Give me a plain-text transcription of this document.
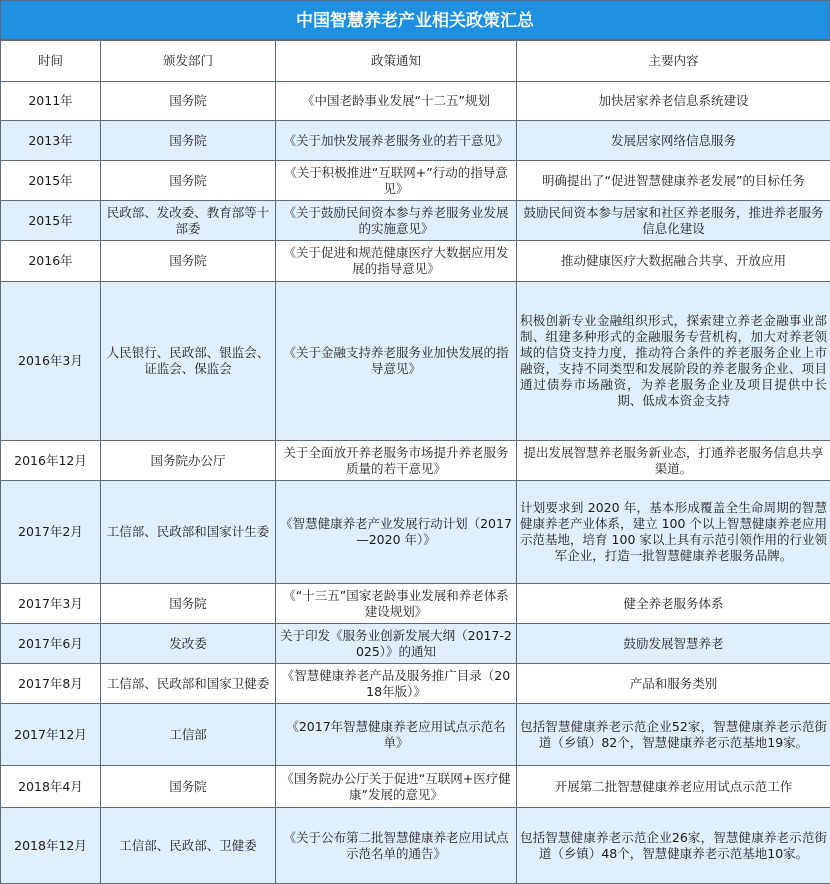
中国智慧养老产业相关政策汇总
时间	颁发部门	政策通知	主要内容
2011年	国务院	《中国老龄事业发展“十二五”规划	加快居家养老信息系统建设
2013年	国务院	《关于加快发展养老服务业的若干意见》	发展居家网络信息服务
2015年	国务院	《关于积极推进“互联网+”行动的指导意见》	明确提出了“促进智慧健康养老发展”的目标任务
2015年	民政部、发改委、教育部等十部委	《关于鼓励民间资本参与养老服务业发展的实施意见》	鼓励民间资本参与居家和社区养老服务，推进养老服务信息化建设
2016年	国务院	《关于促进和规范健康医疗大数据应用发展的指导意见》	推动健康医疗大数据融合共享、开放应用
2016年3月	人民银行、民政部、银监会、证监会、保监会	《关于金融支持养老服务业加快发展的指导意见》	积极创新专业金融组织形式，探索建立养老金融事业部制、组建多种形式的金融服务专营机构，加大对养老领域的信贷支持力度，推动符合条件的养老服务企业上市融资，支持不同类型和发展阶段的养老服务企业、项目通过债券市场融资，为养老服务企业及项目提供中长期、低成本资金支持
2016年12月	国务院办公厅	关于全面放开养老服务市场提升养老服务质量的若干意见》	提出发展智慧养老服务新业态，打通养老服务信息共享渠道。
2017年2月	工信部、民政部和国家计生委	《智慧健康养老产业发展行动计划（2017—2020 年）》	计划要求到 2020 年，基本形成覆盖全生命周期的智慧健康养老产业体系，建立 100 个以上智慧健康养老应用示范基地，培育 100 家以上具有示范引领作用的行业领军企业，打造一批智慧健康养老服务品牌。
2017年3月	国务院	《“十三五”国家老龄事业发展和养老体系建设规划》	健全养老服务体系
2017年6月	发改委	关于印发《服务业创新发展大纲（2017-2025）》的通知	鼓励发展智慧养老
2017年8月	工信部、民政部和国家卫健委	《智慧健康养老产品及服务推广目录（2018年版）》	产品和服务类别
2017年12月	工信部	《2017年智慧健康养老应用试点示范名单》	包括智慧健康养老示范企业52家，智慧健康养老示范街道（乡镇）82个，智慧健康养老示范基地19家。
2018年4月	国务院	《国务院办公厅关于促进“互联网+医疗健康”发展的意见》	开展第二批智慧健康养老应用试点示范工作
2018年12月	工信部、民政部、卫健委	《关于公布第二批智慧健康养老应用试点示范名单的通告》	包括智慧健康养老示范企业26家，智慧健康养老示范街道（乡镇）48个，智慧健康养老示范基地10家。
